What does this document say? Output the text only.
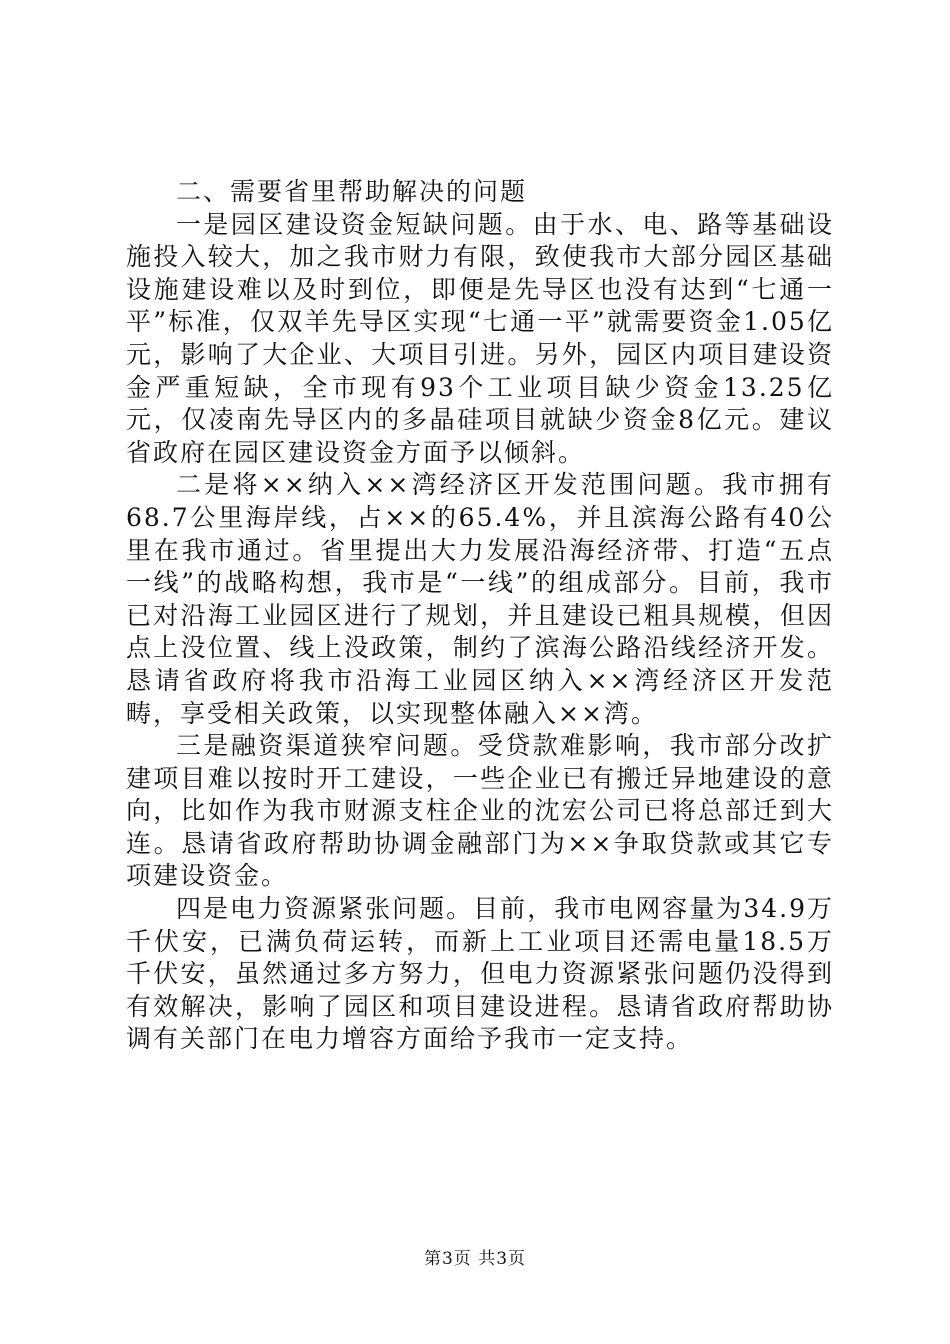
二、需要省里帮助解决的问题

一是园区建设资金短缺问题。由于水、电、路等基础设施投入较大，加之我市财力有限，致使我市大部分园区基础设施建设难以及时到位，即便是先导区也没有达到“七通一平”标准，仅双羊先导区实现“七通一平”就需要资金1.05亿元，影响了大企业、大项目引进。另外，园区内项目建设资金严重短缺，全市现有93个工业项目缺少资金13.25亿元，仅凌南先导区内的多晶硅项目就缺少资金8亿元。建议省政府在园区建设资金方面予以倾斜。

二是将××纳入××湾经济区开发范围问题。我市拥有68.7公里海岸线，占××的65.4%，并且滨海公路有40公里在我市通过。省里提出大力发展沿海经济带、打造“五点一线”的战略构想，我市是“一线”的组成部分。目前，我市已对沿海工业园区进行了规划，并且建设已粗具规模，但因点上没位置、线上没政策，制约了滨海公路沿线经济开发。恳请省政府将我市沿海工业园区纳入××湾经济区开发范畴，享受相关政策，以实现整体融入××湾。

三是融资渠道狭窄问题。受贷款难影响，我市部分改扩建项目难以按时开工建设，一些企业已有搬迁异地建设的意向，比如作为我市财源支柱企业的沈宏公司已将总部迁到大连。恳请省政府帮助协调金融部门为××争取贷款或其它专项建设资金。

四是电力资源紧张问题。目前，我市电网容量为34.9万千伏安，已满负荷运转，而新上工业项目还需电量18.5万千伏安，虽然通过多方努力，但电力资源紧张问题仍没得到有效解决，影响了园区和项目建设进程。恳请省政府帮助协调有关部门在电力增容方面给予我市一定支持。

第3页 共3页
